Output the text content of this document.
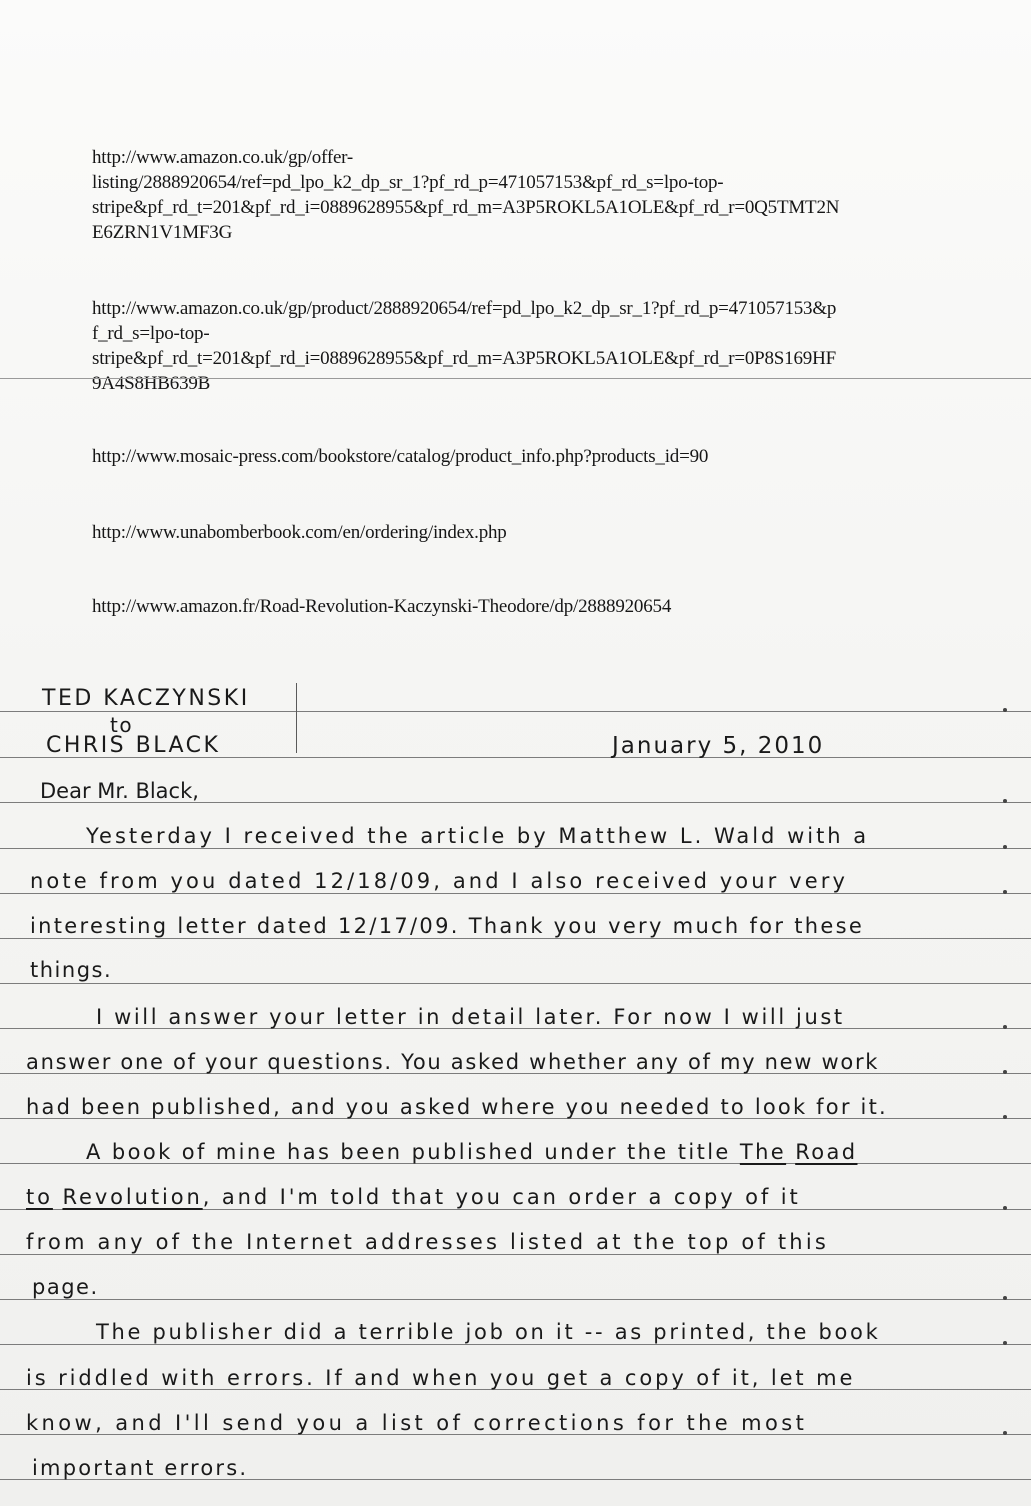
http://www.amazon.co.uk/gp/offer-
listing/2888920654/ref=pd_lpo_k2_dp_sr_1?pf_rd_p=471057153&pf_rd_s=lpo-top-
stripe&pf_rd_t=201&pf_rd_i=0889628955&pf_rd_m=A3P5ROKL5A1OLE&pf_rd_r=0Q5TMT2N
E6ZRN1V1MF3G
http://www.amazon.co.uk/gp/product/2888920654/ref=pd_lpo_k2_dp_sr_1?pf_rd_p=471057153&p
f_rd_s=lpo-top-
stripe&pf_rd_t=201&pf_rd_i=0889628955&pf_rd_m=A3P5ROKL5A1OLE&pf_rd_r=0P8S169HF
9A4S8HB639B
http://www.mosaic-press.com/bookstore/catalog/product_info.php?products_id=90
http://www.unabomberbook.com/en/ordering/index.php
http://www.amazon.fr/Road-Revolution-Kaczynski-Theodore/dp/2888920654

TED KACZYNSKI

to

CHRIS BLACK	January 5, 2010

Dear Mr. Black,

Yesterday I received the article by Matthew L. Wald with a

note from you dated 12/18/09, and I also received your very

interesting letter dated 12/17/09. Thank you very much for these

things.

I will answer your letter in detail later. For now I will just

answer one of your questions. You asked whether any of my new work

had been published, and you asked where you needed to look for it.

A book of mine has been published under the title The Road

to Revolution, and I'm told that you can order a copy of it

from any of the Internet addresses listed at the top of this

page.

The publisher did a terrible job on it -- as printed, the book

is riddled with errors. If and when you get a copy of it, let me

know, and I'll send you a list of corrections for the most

important errors.
